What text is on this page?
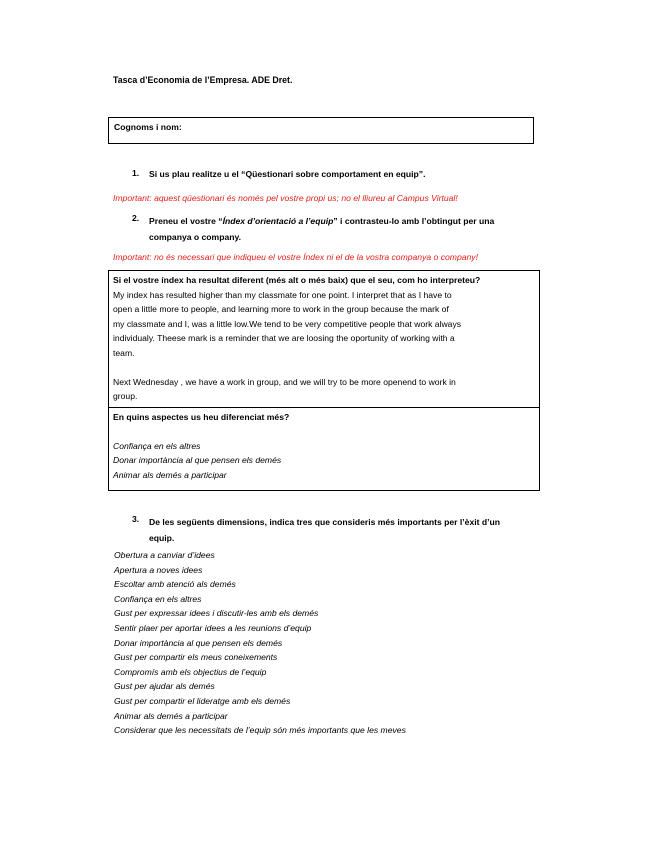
Tasca d’Economia de l’Empresa. ADE Dret.
Cognoms i nom:
1. Si us plau realitze u el “Qüestionari sobre comportament en equip”.
Important: aquest qüestionari és només pel vostre propi us; no el lliureu al Campus Virtual!
2. Preneu el vostre “Índex d’orientació a l’equip” i contrasteu-lo amb l’obtingut per una
companya o company.
Important: no és necessari que indiqueu el vostre Índex ni el de la vostra companya o company!
Si el vostre índex ha resultat diferent (més alt o més baix) que el seu, com ho interpreteu?
My index has resulted higher than my classmate for one point. I interpret that as I have to
open a little more to people, and learning more to work in the group because the mark of
my classmate and I, was a little low.We tend to be very competitive people that work always
individualy. Theese mark is a reminder that we are loosing the oportunity of working with a
team.
Next Wednesday , we have a work in group, and we will try to be more openend to work in
group.
En quins aspectes us heu diferenciat més?
Confiança en els altres
Donar importància al que pensen els demés
Animar als demés a participar
3. De les següents dimensions, indica tres que consideris més importants per l’èxit d’un
equip.
Obertura a canviar d’idees
Apertura a noves idees
Escoltar amb atenció als demés
Confiança en els altres
Gust per expressar idees i discutir-les amb els demés
Sentir plaer per aportar idees a les reunions d’equip
Donar importància al que pensen els demés
Gust per compartir els meus coneixements
Compromís amb els objectius de l’equip
Gust per ajudar als demés
Gust per compartir el lideratge amb els demés
Animar als demés a participar
Considerar que les necessitats de l’equip són més importants que les meves
